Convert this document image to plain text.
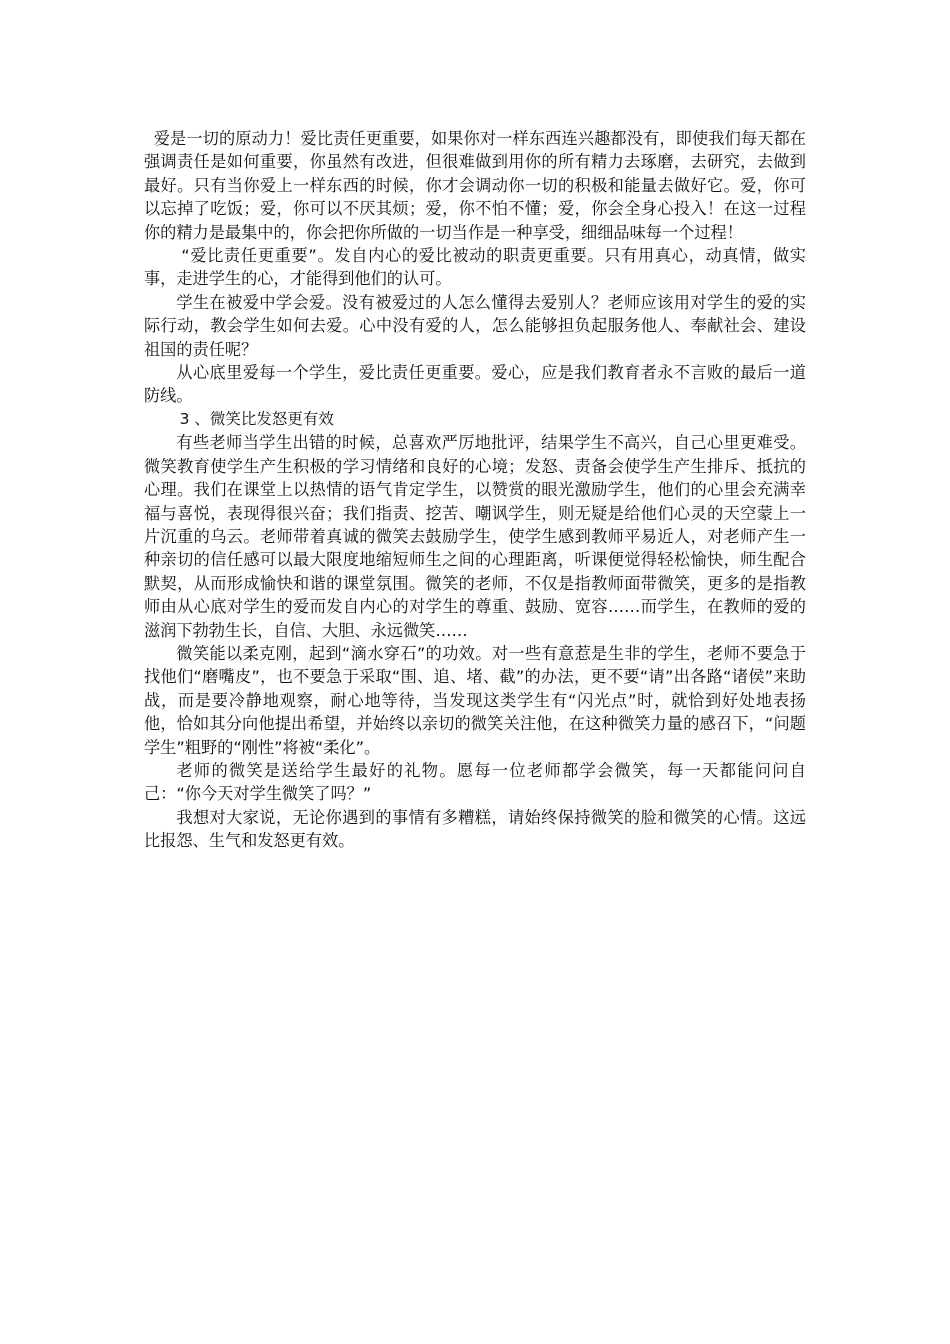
爱是一切的原动力！爱比责任更重要，如果你对一样东西连兴趣都没有，即使我们每天都在强调责任是如何重要，你虽然有改进，但很难做到用你的所有精力去琢磨，去研究，去做到最好。只有当你爱上一样东西的时候，你才会调动你一切的积极和能量去做好它。爱，你可以忘掉了吃饭；爱，你可以不厌其烦；爱，你不怕不懂；爱，你会全身心投入！在这一过程你的精力是最集中的，你会把你所做的一切当作是一种享受，细细品味每一个过程！

“爱比责任更重要”。发自内心的爱比被动的职责更重要。只有用真心，动真情，做实事，走进学生的心，才能得到他们的认可。

学生在被爱中学会爱。没有被爱过的人怎么懂得去爱别人？老师应该用对学生的爱的实际行动，教会学生如何去爱。心中没有爱的人，怎么能够担负起服务他人、奉献社会、建设祖国的责任呢？

从心底里爱每一个学生，爱比责任更重要。爱心，应是我们教育者永不言败的最后一道防线。

3 、微笑比发怒更有效

有些老师当学生出错的时候，总喜欢严厉地批评，结果学生不高兴，自己心里更难受。微笑教育使学生产生积极的学习情绪和良好的心境；发怒、责备会使学生产生排斥、抵抗的心理。我们在课堂上以热情的语气肯定学生，以赞赏的眼光激励学生，他们的心里会充满幸福与喜悦，表现得很兴奋；我们指责、挖苦、嘲讽学生，则无疑是给他们心灵的天空蒙上一片沉重的乌云。老师带着真诚的微笑去鼓励学生，使学生感到教师平易近人，对老师产生一种亲切的信任感可以最大限度地缩短师生之间的心理距离，听课便觉得轻松愉快，师生配合默契，从而形成愉快和谐的课堂氛围。微笑的老师，不仅是指教师面带微笑，更多的是指教师由从心底对学生的爱而发自内心的对学生的尊重、鼓励、宽容……而学生，在教师的爱的滋润下勃勃生长，自信、大胆、永远微笑……

微笑能以柔克刚，起到“滴水穿石”的功效。对一些有意惹是生非的学生，老师不要急于找他们“磨嘴皮”，也不要急于采取“围、追、堵、截”的办法，更不要“请”出各路“诸侯”来助战，而是要冷静地观察，耐心地等待，当发现这类学生有“闪光点”时，就恰到好处地表扬他，恰如其分向他提出希望，并始终以亲切的微笑关注他，在这种微笑力量的感召下，“问题学生”粗野的“刚性”将被“柔化”。

老师的微笑是送给学生最好的礼物。愿每一位老师都学会微笑，每一天都能问问自己：“你今天对学生微笑了吗？”

我想对大家说，无论你遇到的事情有多糟糕，请始终保持微笑的脸和微笑的心情。这远比报怨、生气和发怒更有效。
